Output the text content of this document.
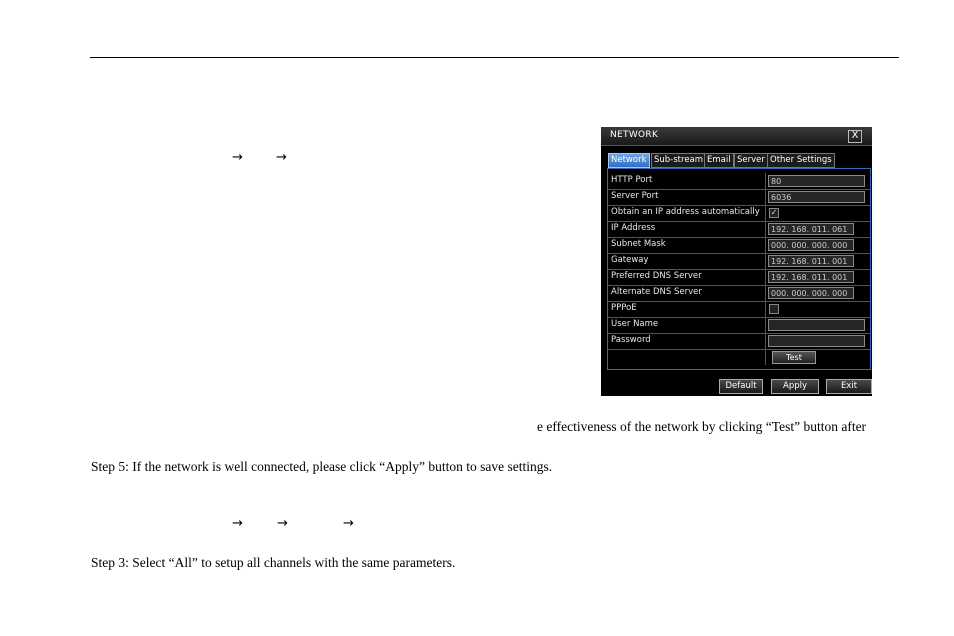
→	→
NETWORK	X
Network Sub-stream Email Server Other Settings
HTTP Port	80
Server Port	6036
Obtain an IP address automatically ✓
IP Address	192. 168. 011. 061
Subnet Mask	000. 000. 000. 000
Gateway	192. 168. 011. 001
Preferred DNS Server	192. 168. 011. 001
Alternate DNS Server	000. 000. 000. 000
PPPoE
User Name
Password
Test
Default	Apply	Exit
e effectiveness of the network by clicking “Test” button after
Step 5: If the network is well connected, please click “Apply” button to save settings.
→	→	→
Step 3: Select “All” to setup all channels with the same parameters.
